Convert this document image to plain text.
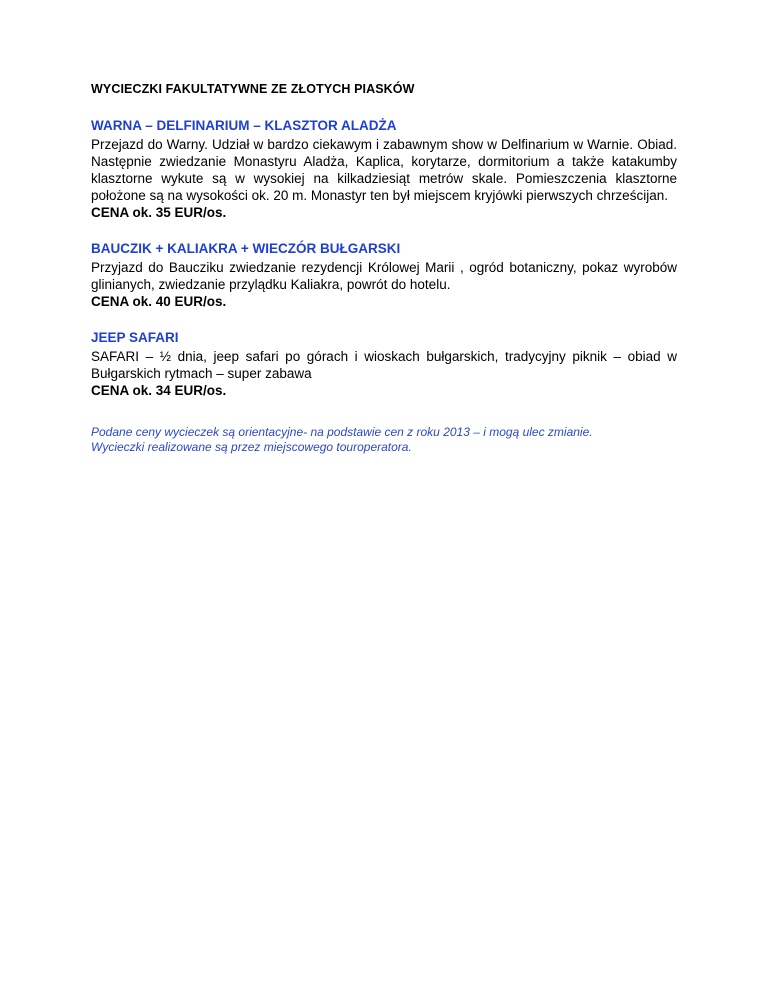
WYCIECZKI FAKULTATYWNE ZE ZŁOTYCH PIASKÓW
WARNA – DELFINARIUM – KLASZTOR ALADŻA

Przejazd do Warny. Udział w bardzo ciekawym i zabawnym show w Delfinarium w Warnie. Obiad. Następnie zwiedzanie Monastyru Aladża, Kaplica, korytarze, dormitorium a także katakumby klasztorne wykute są w wysokiej na kilkadziesiąt metrów skale. Pomieszczenia klasztorne położone są na wysokości ok. 20 m. Monastyr ten był miejscem kryjówki pierwszych chrześcijan.

CENA ok. 35 EUR/os.

BAUCZIK + KALIAKRA + WIECZÓR BUŁGARSKI

Przyjazd do Baucziku zwiedzanie rezydencji Królowej Marii , ogród botaniczny, pokaz wyrobów glinianych, zwiedzanie przylądku Kaliakra, powrót do hotelu.

CENA ok. 40 EUR/os.

JEEP SAFARI

SAFARI – ½ dnia, jeep safari po górach i wioskach bułgarskich, tradycyjny piknik – obiad w Bułgarskich rytmach – super zabawa

CENA ok. 34 EUR/os.

Podane ceny wycieczek są orientacyjne- na podstawie cen z roku 2013 – i mogą ulec zmianie.

Wycieczki realizowane są przez miejscowego touroperatora.
